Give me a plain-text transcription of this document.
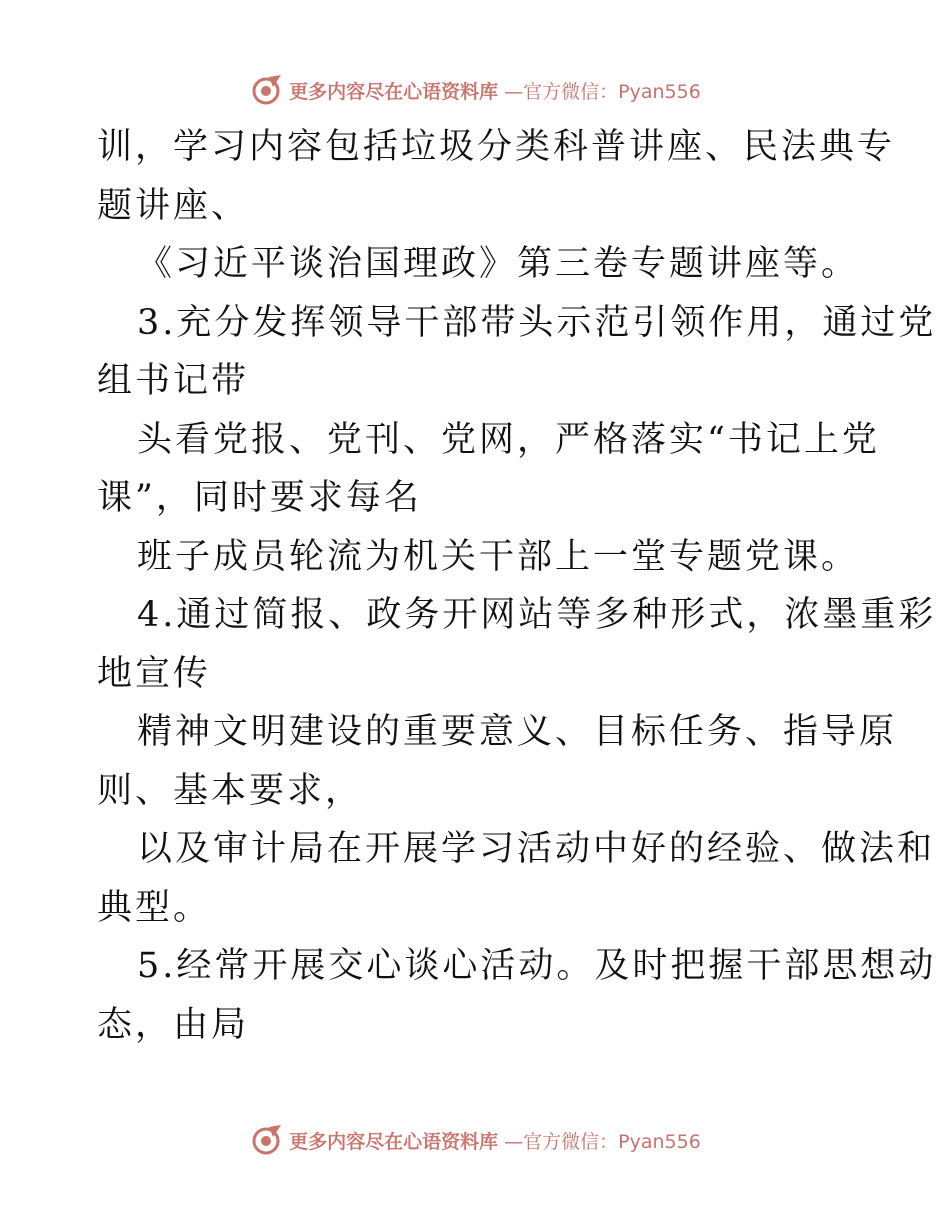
更多内容尽在心语资料库 —官方微信：Pyan556
训，学习内容包括垃圾分类科普讲座、民法典专
题讲座、
《习近平谈治国理政》第三卷专题讲座等。
3.充分发挥领导干部带头示范引领作用，通过党
组书记带
头看党报、党刊、党网，严格落实“书记上党
课”，同时要求每名
班子成员轮流为机关干部上一堂专题党课。
4.通过简报、政务开网站等多种形式，浓墨重彩
地宣传
精神文明建设的重要意义、目标任务、指导原
则、基本要求，
以及审计局在开展学习活动中好的经验、做法和
典型。
5.经常开展交心谈心活动。及时把握干部思想动
态，由局
更多内容尽在心语资料库 —官方微信：Pyan556
